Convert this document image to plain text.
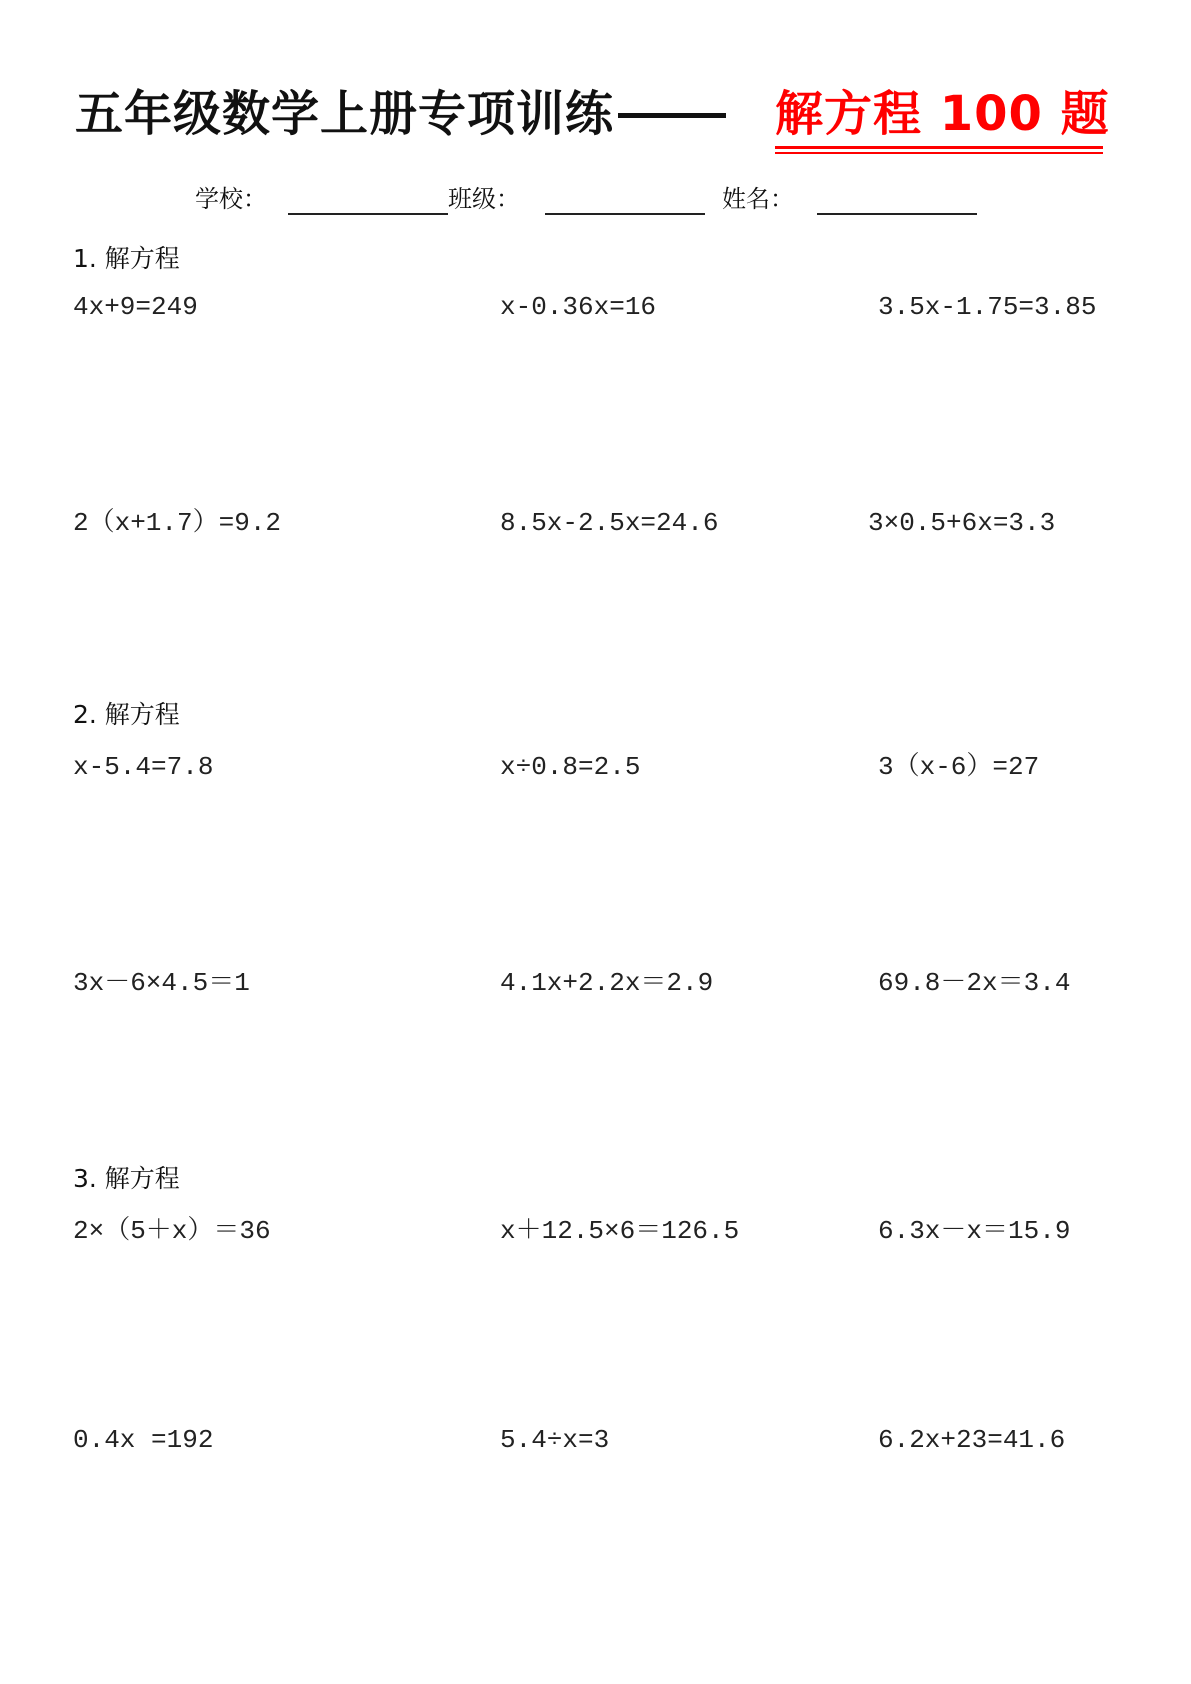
五年级数学上册专项训练	解方程 100 题
学校：	班级：	姓名：
1. 解方程
4x+9=249	x-0.36x=16	3.5x-1.75=3.85
2（x+1.7）=9.2	8.5x-2.5x=24.6	3×0.5+6x=3.3
2. 解方程
x-5.4=7.8	x÷0.8=2.5	3（x-6）=27
3x－6×4.5＝1	4.1x+2.2x＝2.9	69.8－2x＝3.4
3. 解方程
2×（5＋x）＝36	x＋12.5×6＝126.5	6.3x－x＝15.9
0.4x =192	5.4÷x=3	6.2x+23=41.6
